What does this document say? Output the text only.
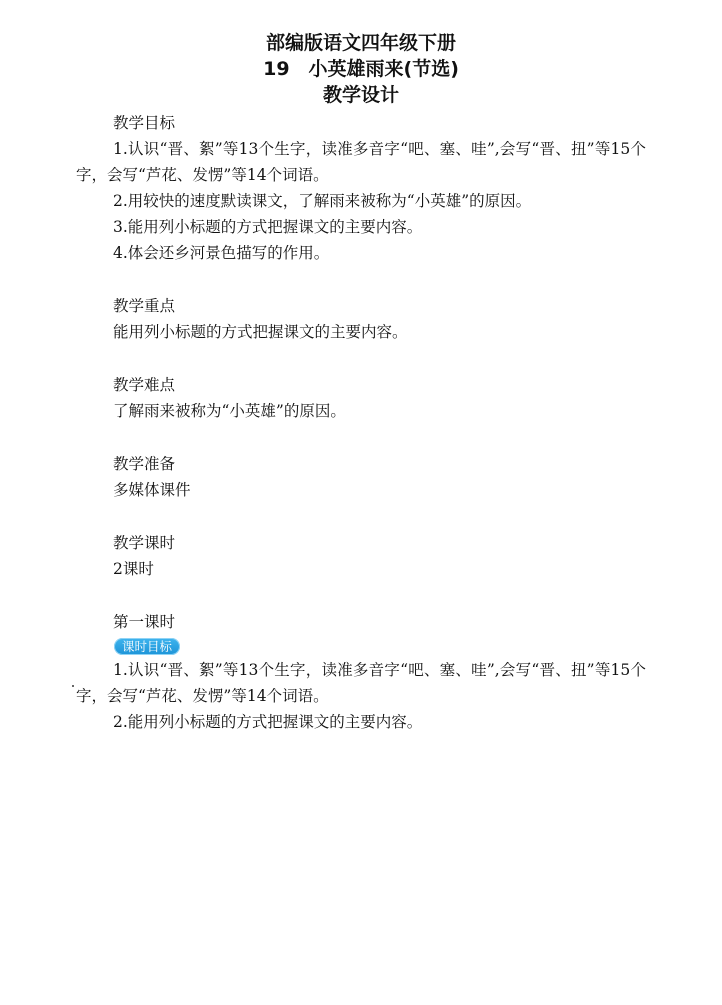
部编版语文四年级下册
19　小英雄雨来(节选)
教学设计
教学目标
1.认识“晋、絮”等13个生字，读准多音字“吧、塞、哇”,会写“晋、扭”等15个字，会写“芦花、发愣”等14个词语。
2.用较快的速度默读课文，了解雨来被称为“小英雄”的原因。
3.能用列小标题的方式把握课文的主要内容。
4.体会还乡河景色描写的作用。
教学重点
能用列小标题的方式把握课文的主要内容。
教学难点
了解雨来被称为“小英雄”的原因。
教学准备
多媒体课件
教学课时
2课时
第一课时
课时目标
1.认识“晋、絮”等13个生字，读准多音字“吧、塞、哇”,会写“晋、扭”等15个字，会写“芦花、发愣”等14个词语。
2.能用列小标题的方式把握课文的主要内容。
